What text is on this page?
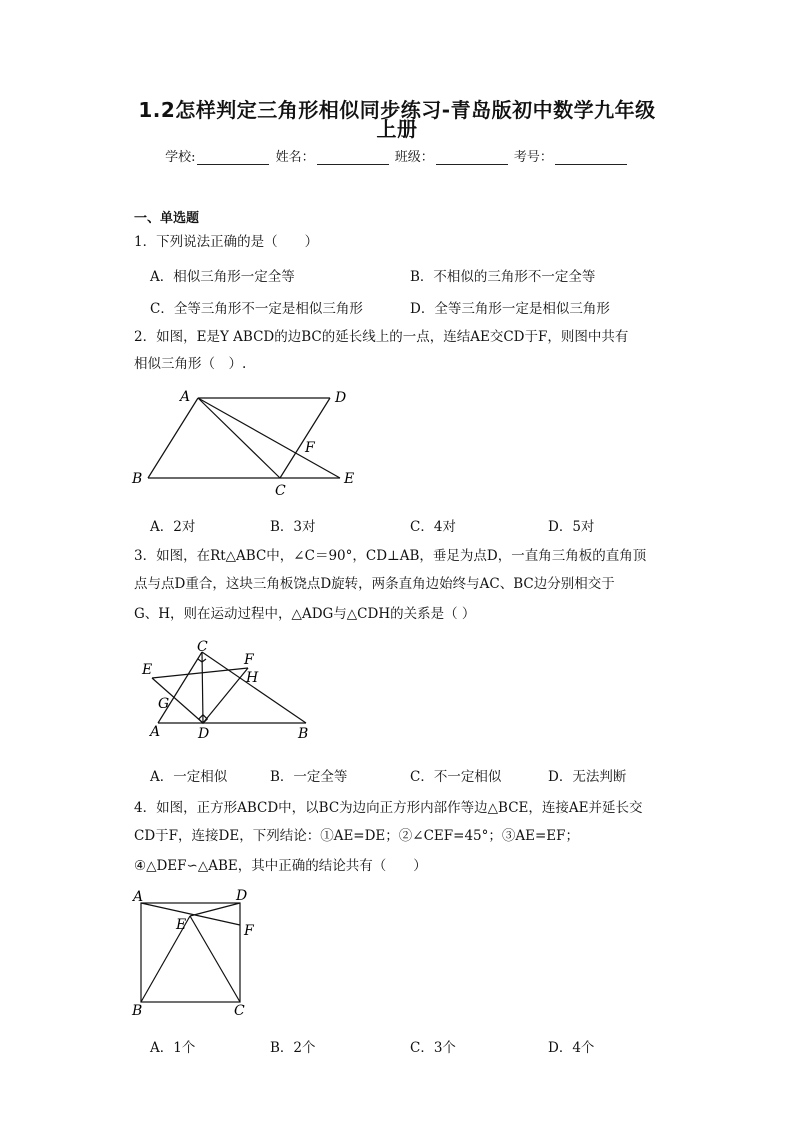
1.2怎样判定三角形相似同步练习-青岛版初中数学九年级
上册
学校:	姓名：	班级：	考号：
一、单选题
1．下列说法正确的是（　　）
A．相似三角形一定全等	B．不相似的三角形不一定全等
C．全等三角形不一定是相似三角形	D．全等三角形一定是相似三角形
2．如图，E是Y ABCD的边BC的延长线上的一点，连结AE交CD于F，则图中共有
相似三角形（　）.
A	D
B
C
E
F
A．2对	B．3对	C．4对	D．5对
3．如图，在Rt△ABC中，∠C＝90°，CD⊥AB，垂足为点D，一直角三角板的直角顶
点与点D重合，这块三角板饶点D旋转，两条直角边始终与AC、BC边分别相交于
G、H，则在运动过程中，△ADG与△CDH的关系是（ ）
C
F
E	H
G
A	D	B
A．一定相似	B．一定全等	C．不一定相似	D．无法判断
4．如图，正方形ABCD中，以BC为边向正方形内部作等边△BCE，连接AE并延长交
CD于F，连接DE，下列结论：①AE=DE；②∠CEF=45°；③AE=EF；
④△DEF∽△ABE，其中正确的结论共有（　　）
A	D
E	F
B	C
A．1个	B．2个	C．3个	D．4个
